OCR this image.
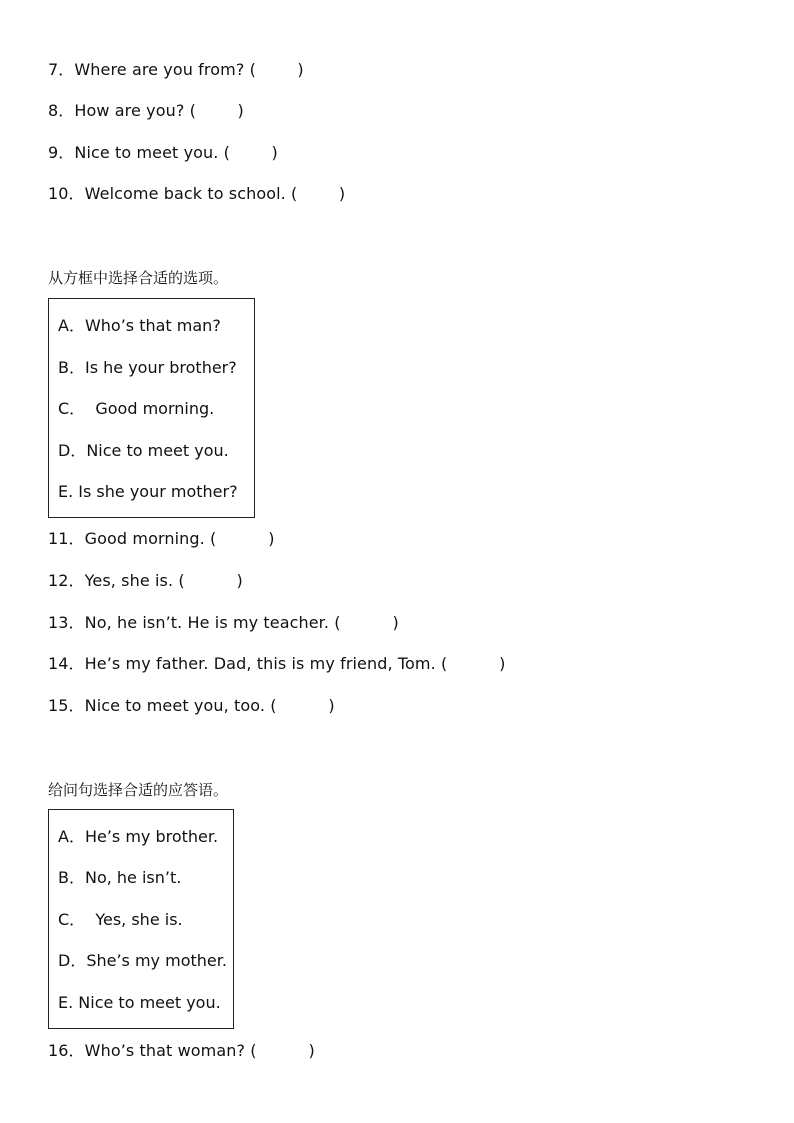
7．Where are you from? (        )
8．How are you? (        )
9．Nice to meet you. (        )
10．Welcome back to school. (        )
从方框中选择合适的选项。
A．Who’s that man?
B．Is he your brother?
C．  Good morning.
D．Nice to meet you.
E. Is she your mother?
11．Good morning. (          )
12．Yes, she is. (          )
13．No, he isn’t. He is my teacher. (          )
14．He’s my father. Dad, this is my friend, Tom. (          )
15．Nice to meet you, too. (          )
给问句选择合适的应答语。
A．He’s my brother.
B．No, he isn’t.
C．  Yes, she is.
D．She’s my mother.
E. Nice to meet you.
16．Who’s that woman? (          )
